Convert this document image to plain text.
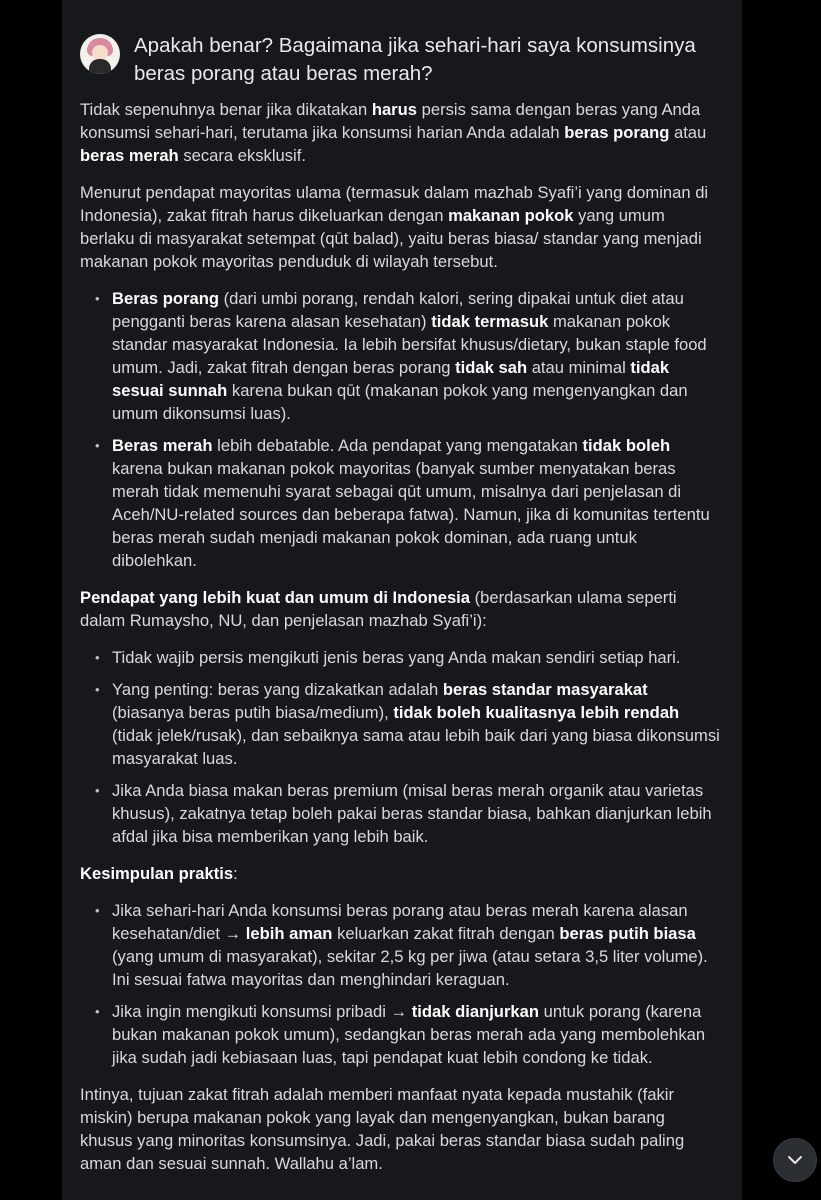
Apakah benar? Bagaimana jika sehari-hari saya konsumsinya beras porang atau beras merah?

Tidak sepenuhnya benar jika dikatakan harus persis sama dengan beras yang Anda konsumsi sehari-hari, terutama jika konsumsi harian Anda adalah beras porang atau beras merah secara eksklusif.

Menurut pendapat mayoritas ulama (termasuk dalam mazhab Syafi’i yang dominan di Indonesia), zakat fitrah harus dikeluarkan dengan makanan pokok yang umum berlaku di masyarakat setempat (qūt balad), yaitu beras biasa/ standar yang menjadi makanan pokok mayoritas penduduk di wilayah tersebut.

• Beras porang (dari umbi porang, rendah kalori, sering dipakai untuk diet atau pengganti beras karena alasan kesehatan) tidak termasuk makanan pokok standar masyarakat Indonesia. Ia lebih bersifat khusus/dietary, bukan staple food umum. Jadi, zakat fitrah dengan beras porang tidak sah atau minimal tidak sesuai sunnah karena bukan qūt (makanan pokok yang mengenyangkan dan umum dikonsumsi luas).
• Beras merah lebih debatable. Ada pendapat yang mengatakan tidak boleh karena bukan makanan pokok mayoritas (banyak sumber menyatakan beras merah tidak memenuhi syarat sebagai qūt umum, misalnya dari penjelasan di Aceh/NU-related sources dan beberapa fatwa). Namun, jika di komunitas tertentu beras merah sudah menjadi makanan pokok dominan, ada ruang untuk dibolehkan.

Pendapat yang lebih kuat dan umum di Indonesia (berdasarkan ulama seperti dalam Rumaysho, NU, dan penjelasan mazhab Syafi’i):

• Tidak wajib persis mengikuti jenis beras yang Anda makan sendiri setiap hari.
• Yang penting: beras yang dizakatkan adalah beras standar masyarakat (biasanya beras putih biasa/medium), tidak boleh kualitasnya lebih rendah (tidak jelek/rusak), dan sebaiknya sama atau lebih baik dari yang biasa dikonsumsi masyarakat luas.
• Jika Anda biasa makan beras premium (misal beras merah organik atau varietas khusus), zakatnya tetap boleh pakai beras standar biasa, bahkan dianjurkan lebih afdal jika bisa memberikan yang lebih baik.

Kesimpulan praktis:

• Jika sehari-hari Anda konsumsi beras porang atau beras merah karena alasan kesehatan/diet → lebih aman keluarkan zakat fitrah dengan beras putih biasa (yang umum di masyarakat), sekitar 2,5 kg per jiwa (atau setara 3,5 liter volume). Ini sesuai fatwa mayoritas dan menghindari keraguan.
• Jika ingin mengikuti konsumsi pribadi → tidak dianjurkan untuk porang (karena bukan makanan pokok umum), sedangkan beras merah ada yang membolehkan jika sudah jadi kebiasaan luas, tapi pendapat kuat lebih condong ke tidak.

Intinya, tujuan zakat fitrah adalah memberi manfaat nyata kepada mustahik (fakir miskin) berupa makanan pokok yang layak dan mengenyangkan, bukan barang khusus yang minoritas konsumsinya. Jadi, pakai beras standar biasa sudah paling aman dan sesuai sunnah. Wallahu a’lam.
